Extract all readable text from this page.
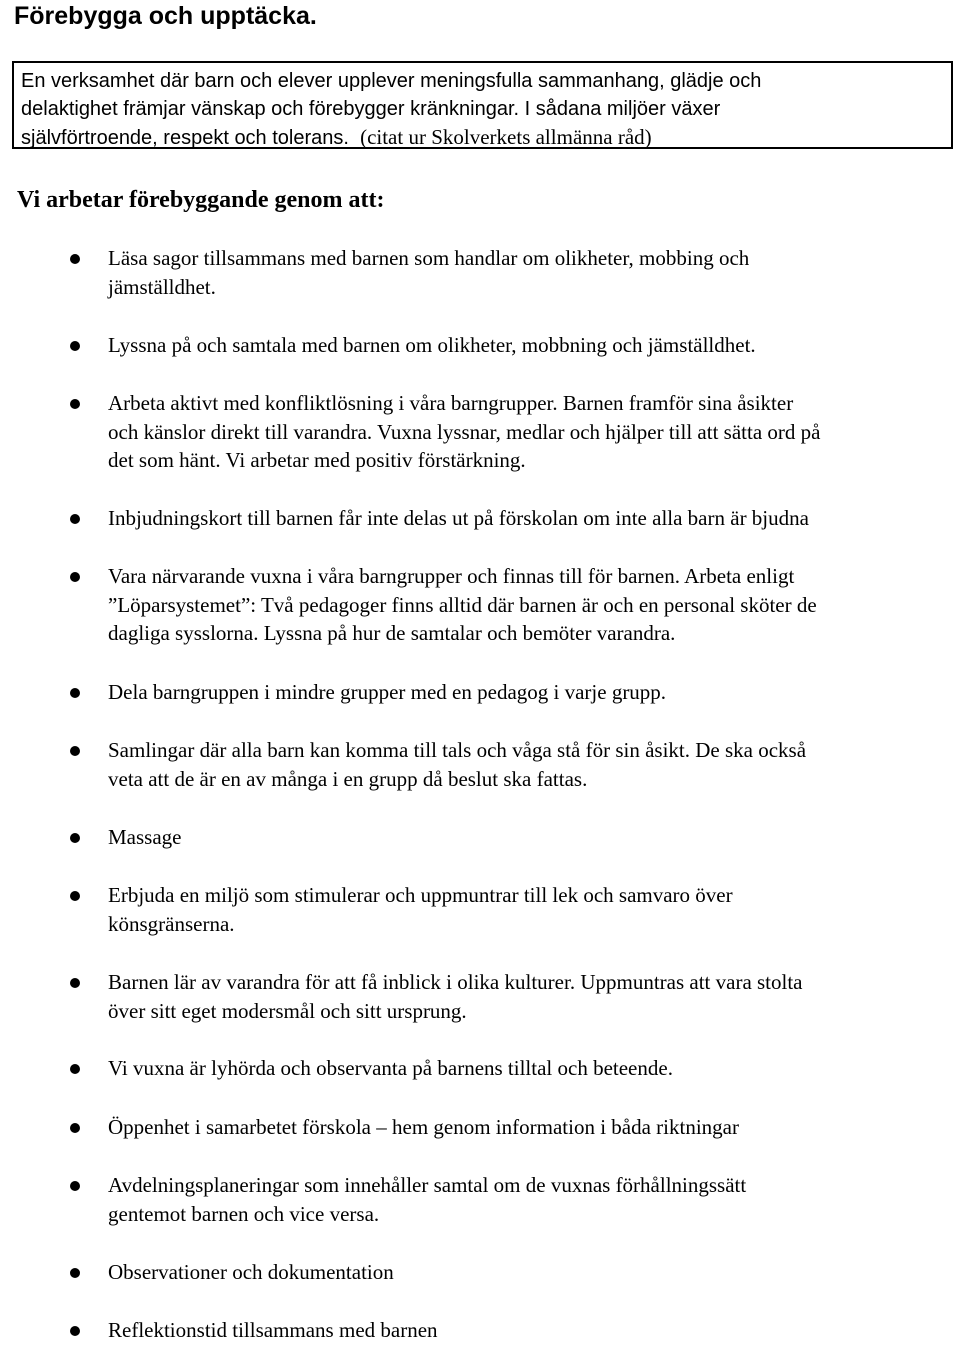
Förebygga och upptäcka.
En verksamhet där barn och elever upplever meningsfulla sammanhang, glädje och
delaktighet främjar vänskap och förebygger kränkningar. I sådana miljöer växer
självförtroende, respekt och tolerans. (citat ur Skolverkets allmänna råd)
Vi arbetar förebyggande genom att:
Läsa sagor tillsammans med barnen som handlar om olikheter, mobbing och
jämställdhet.
Lyssna på och samtala med barnen om olikheter, mobbning och jämställdhet.
Arbeta aktivt med konfliktlösning i våra barngrupper. Barnen framför sina åsikter
och känslor direkt till varandra. Vuxna lyssnar, medlar och hjälper till att sätta ord på
det som hänt. Vi arbetar med positiv förstärkning.
Inbjudningskort till barnen får inte delas ut på förskolan om inte alla barn är bjudna
Vara närvarande vuxna i våra barngrupper och finnas till för barnen. Arbeta enligt
”Löparsystemet”: Två pedagoger finns alltid där barnen är och en personal sköter de
dagliga sysslorna. Lyssna på hur de samtalar och bemöter varandra.
Dela barngruppen i mindre grupper med en pedagog i varje grupp.
Samlingar där alla barn kan komma till tals och våga stå för sin åsikt. De ska också
veta att de är en av många i en grupp då beslut ska fattas.
Massage
Erbjuda en miljö som stimulerar och uppmuntrar till lek och samvaro över
könsgränserna.
Barnen lär av varandra för att få inblick i olika kulturer. Uppmuntras att vara stolta
över sitt eget modersmål och sitt ursprung.
Vi vuxna är lyhörda och observanta på barnens tilltal och beteende.
Öppenhet i samarbetet förskola – hem genom information i båda riktningar
Avdelningsplaneringar som innehåller samtal om de vuxnas förhållningssätt
gentemot barnen och vice versa.
Observationer och dokumentation
Reflektionstid tillsammans med barnen
